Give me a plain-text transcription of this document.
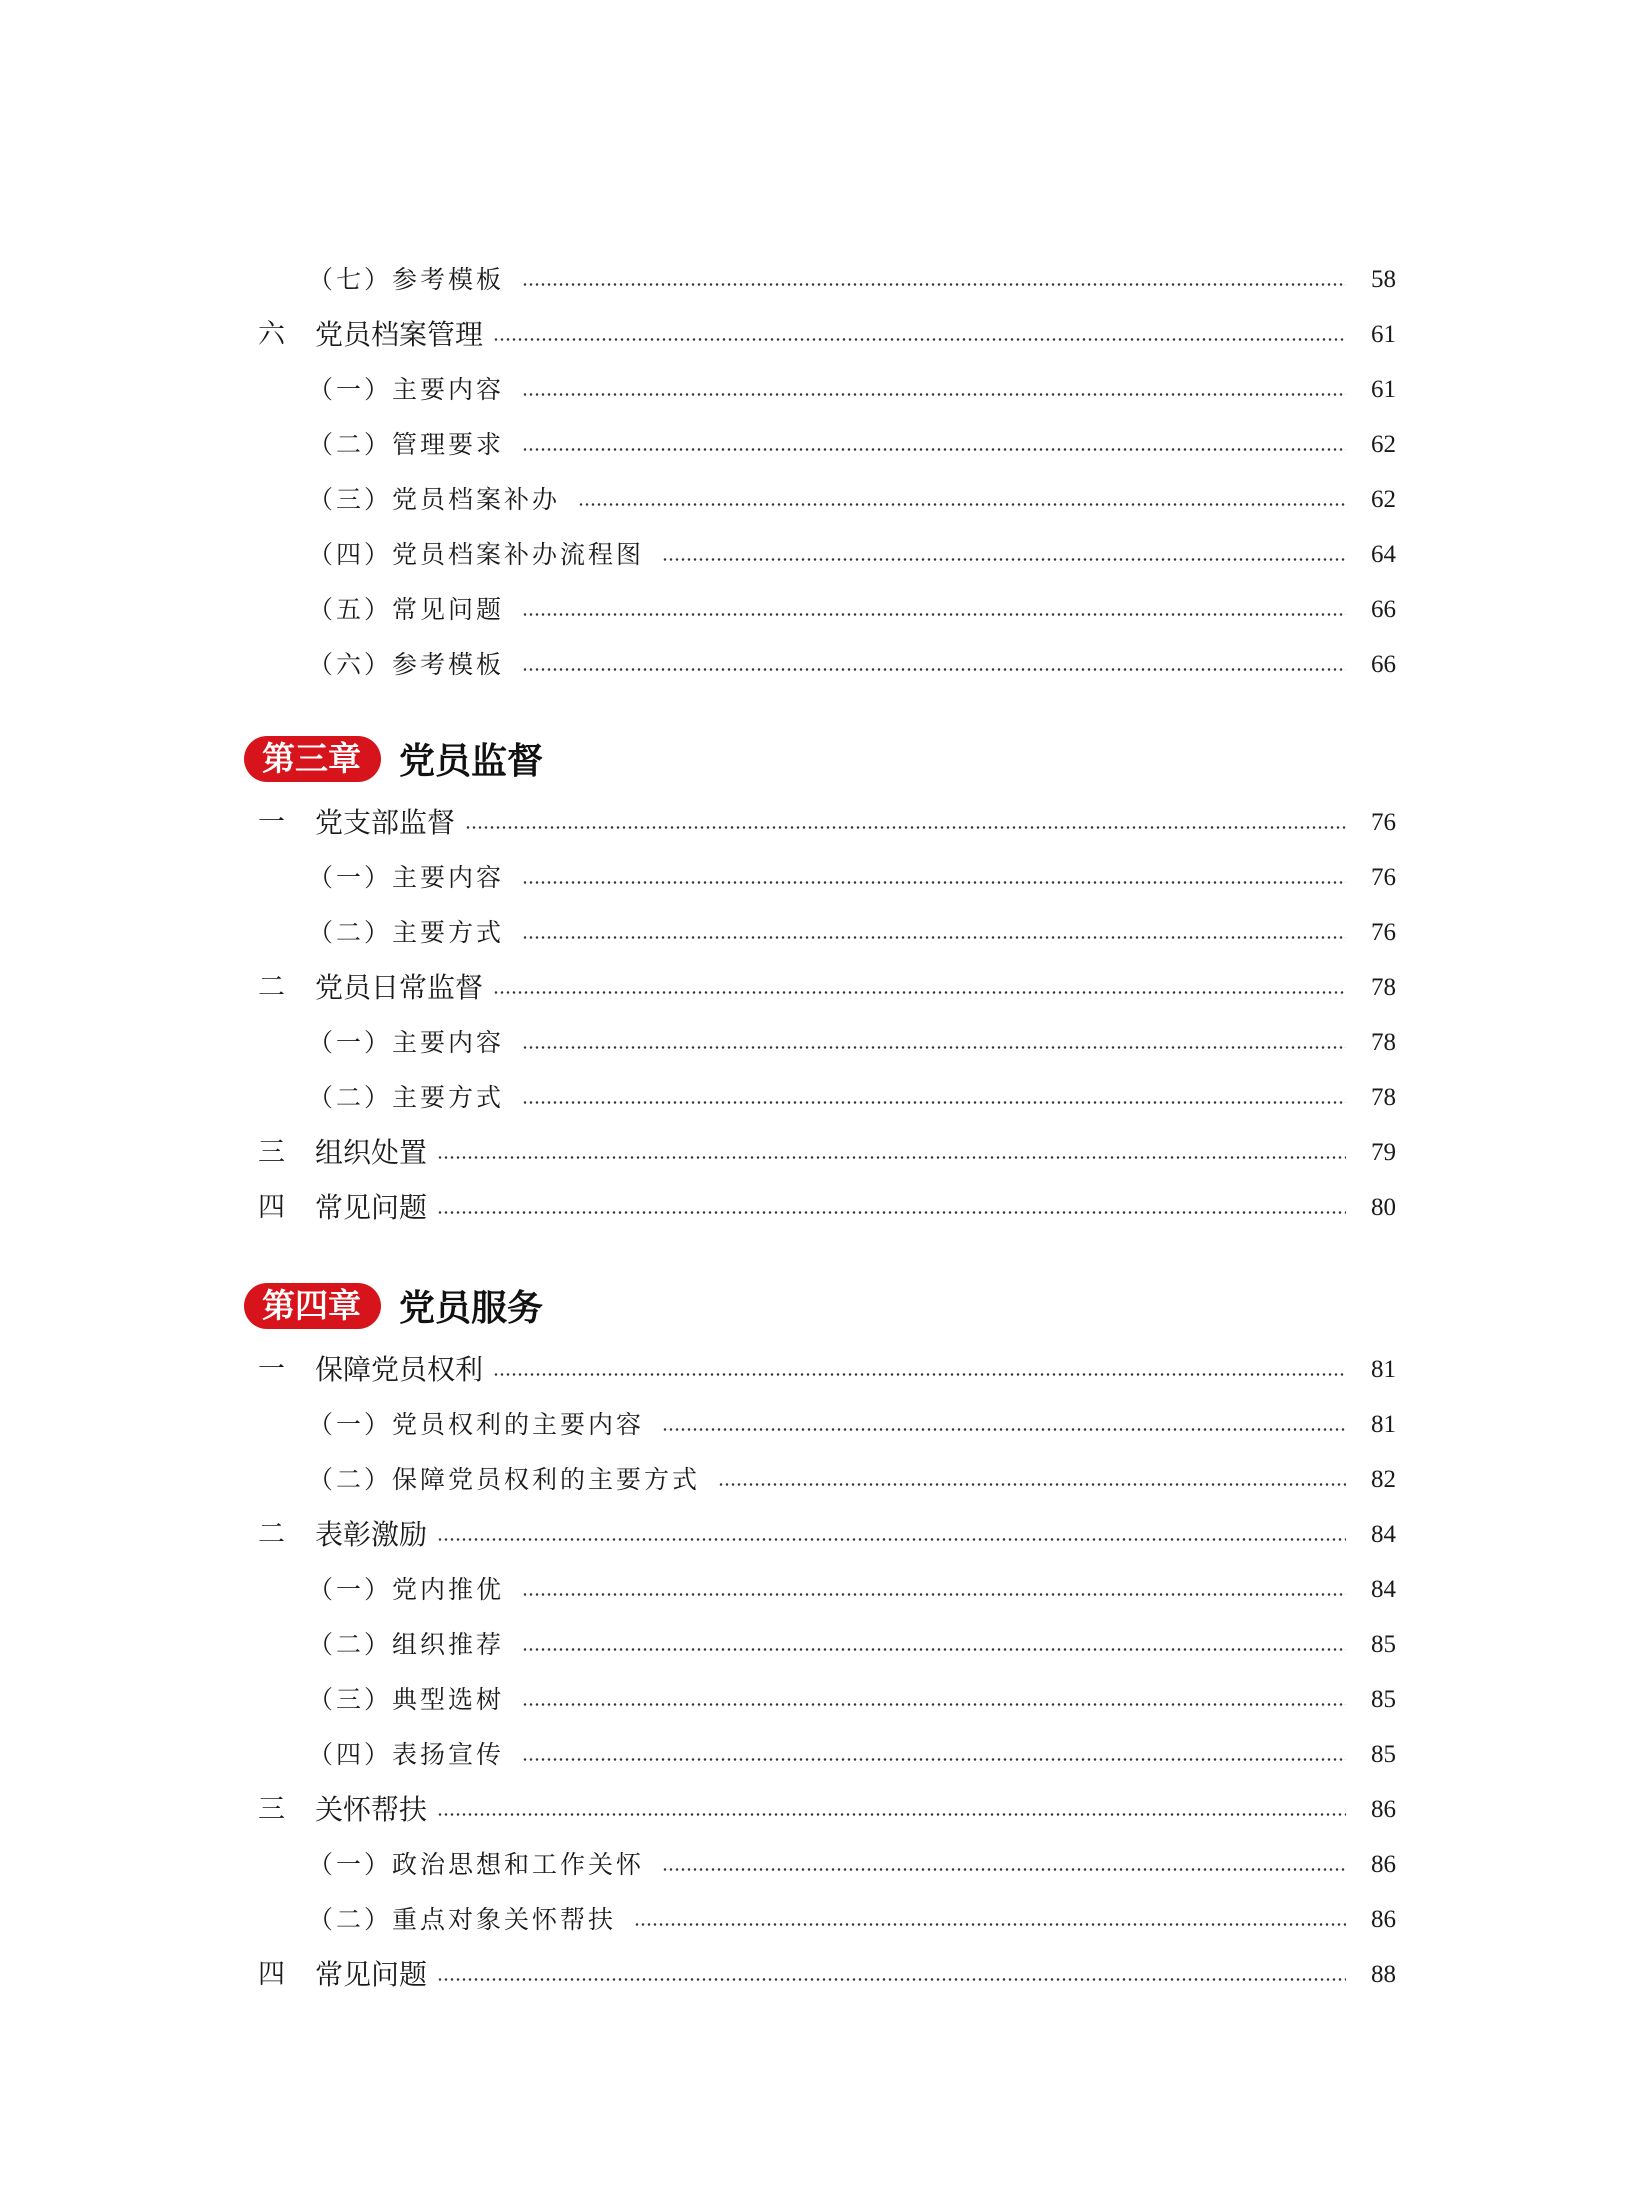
（七）参考模板	58
六	党员档案管理	61
（一）主要内容	61
（二）管理要求	62
（三）党员档案补办	62
（四）党员档案补办流程图	64
（五）常见问题	66
（六）参考模板	66
第三章	党员监督
一	党支部监督	76
（一）主要内容	76
（二）主要方式	76
二	党员日常监督	78
（一）主要内容	78
（二）主要方式	78
三	组织处置	79
四	常见问题	80
第四章	党员服务
一	保障党员权利	81
（一）党员权利的主要内容	81
（二）保障党员权利的主要方式	82
二	表彰激励	84
（一）党内推优	84
（二）组织推荐	85
（三）典型选树	85
（四）表扬宣传	85
三	关怀帮扶	86
（一）政治思想和工作关怀	86
（二）重点对象关怀帮扶	86
四	常见问题	88
